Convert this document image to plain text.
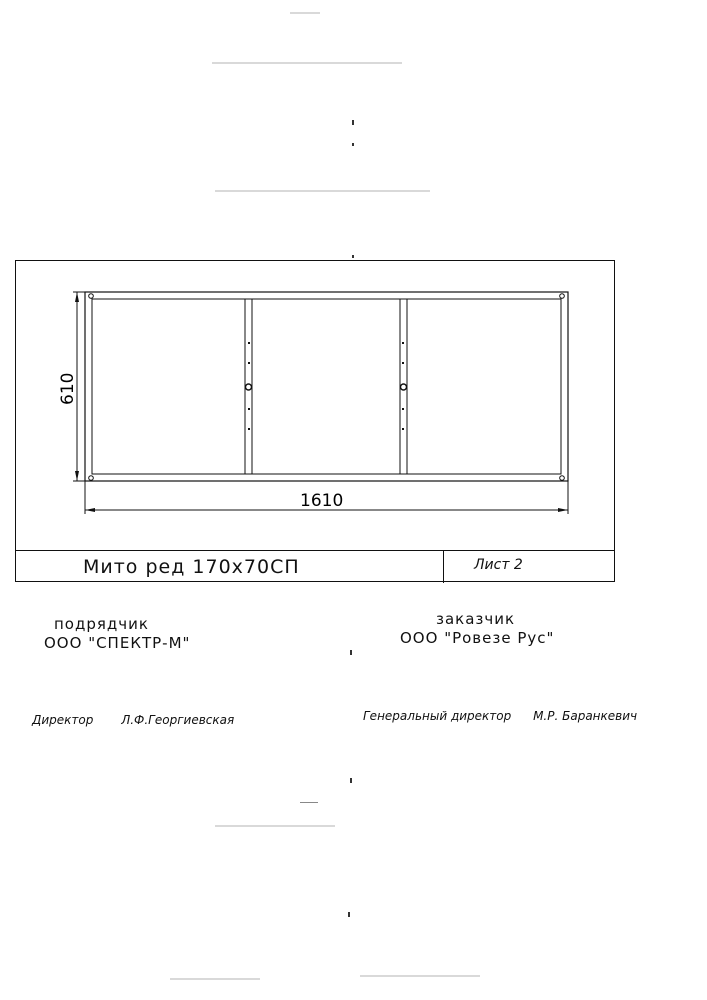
610
1610
Мито ред 170х70СП	Лист 2
подрядчик
ООО "СПЕКТР-М"
заказчик
ООО "Ровезе Рус"
Директор Л.Ф.Георгиевская	Генеральный директор М.Р. Баранкевич
